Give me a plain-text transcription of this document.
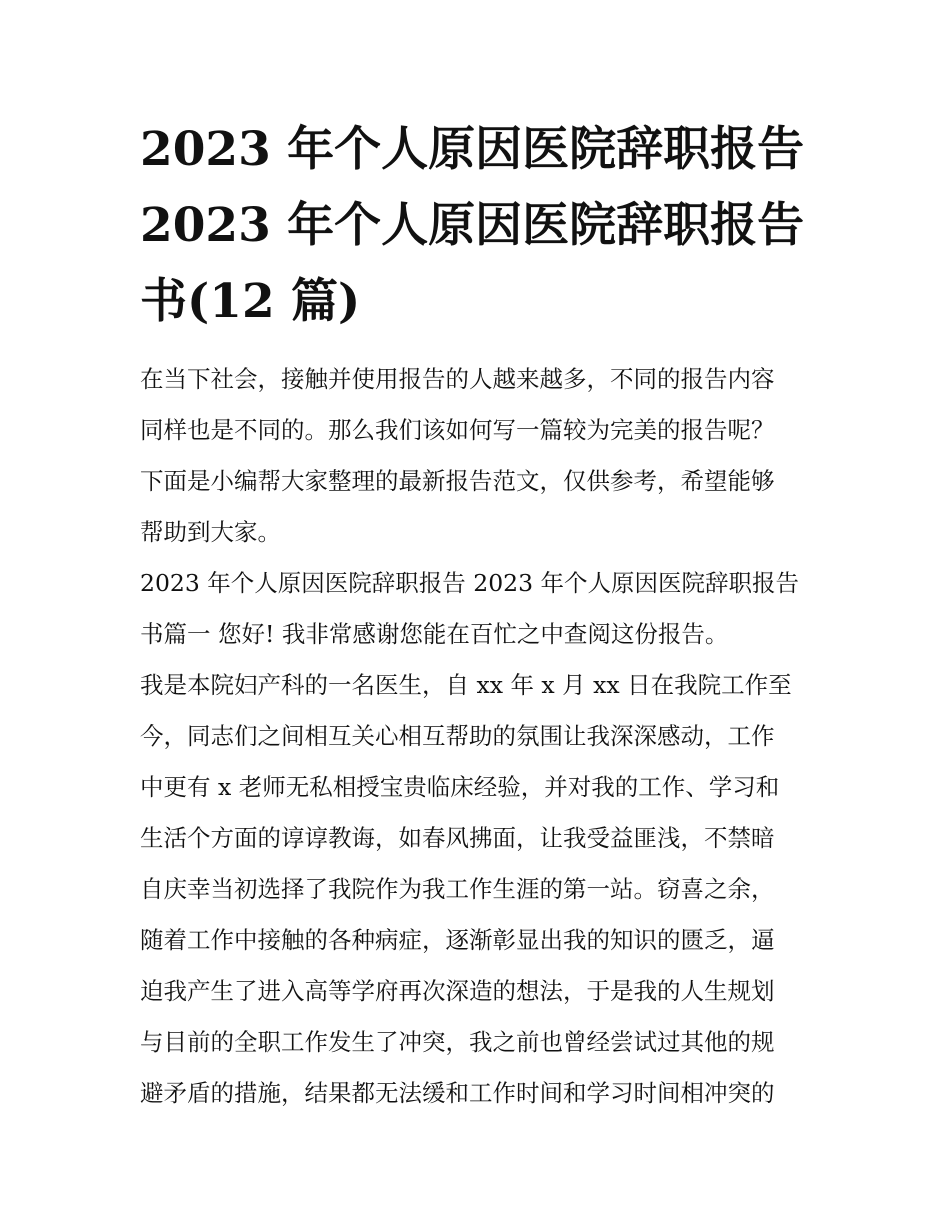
2023 年个人原因医院辞职报告
2023 年个人原因医院辞职报告
书(12 篇)

在当下社会，接触并使用报告的人越来越多，不同的报告内容
同样也是不同的。那么我们该如何写一篇较为完美的报告呢？
下面是小编帮大家整理的最新报告范文，仅供参考，希望能够
帮助到大家。

2023 年个人原因医院辞职报告 2023 年个人原因医院辞职报告
书篇一 您好! 我非常感谢您能在百忙之中查阅这份报告。

我是本院妇产科的一名医生，自 xx 年 x 月 xx 日在我院工作至
今，同志们之间相互关心相互帮助的氛围让我深深感动，工作
中更有 x 老师无私相授宝贵临床经验，并对我的工作、学习和
生活个方面的谆谆教诲，如春风拂面，让我受益匪浅，不禁暗
自庆幸当初选择了我院作为我工作生涯的第一站。窃喜之余，
随着工作中接触的各种病症，逐渐彰显出我的知识的匮乏，逼
迫我产生了进入高等学府再次深造的想法，于是我的人生规划
与目前的全职工作发生了冲突，我之前也曾经尝试过其他的规
避矛盾的措施，结果都无法缓和工作时间和学习时间相冲突的
